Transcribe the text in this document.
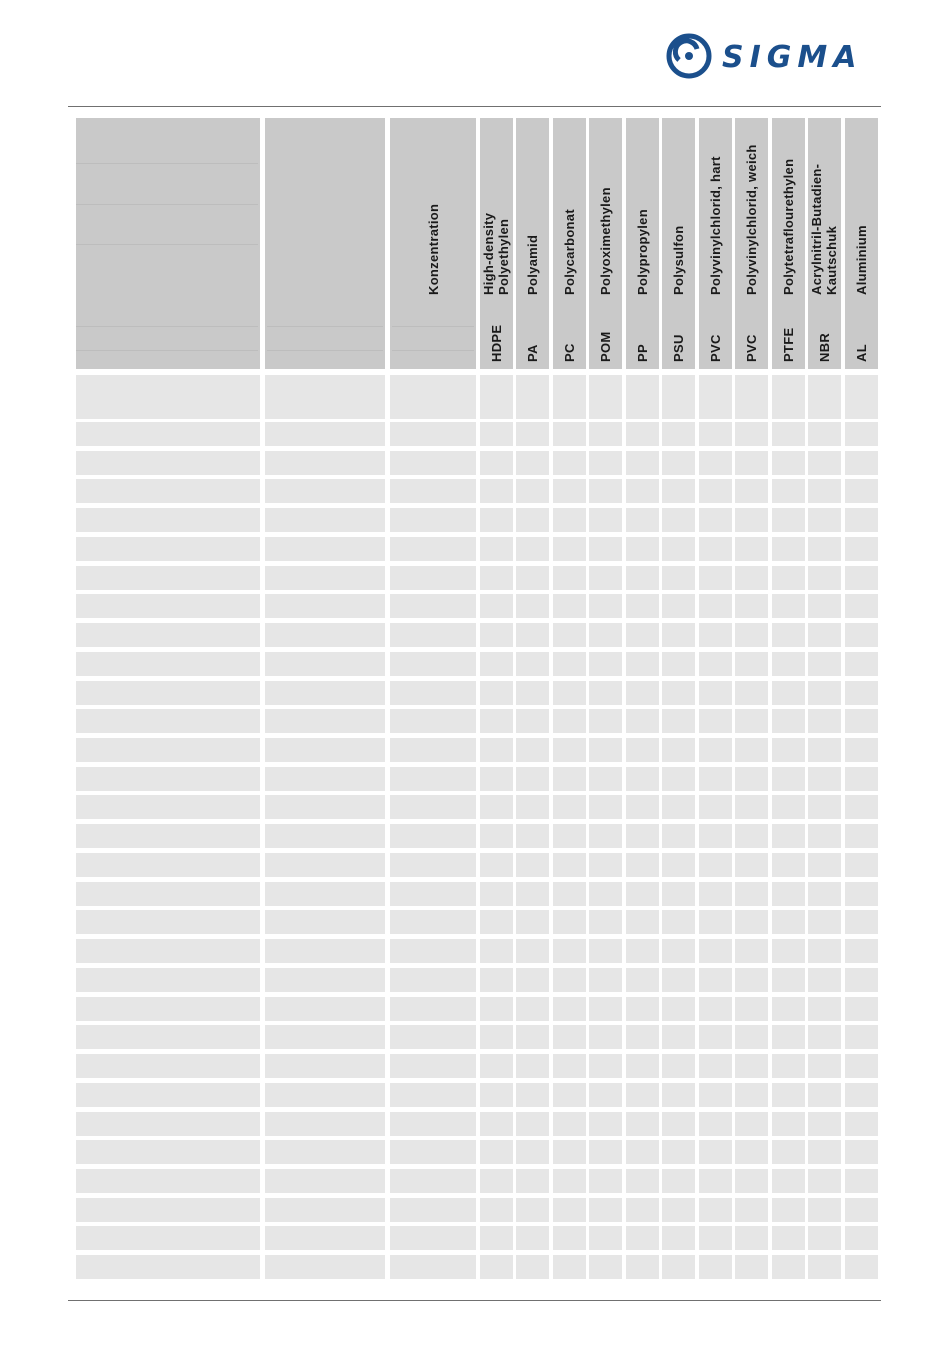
SIGMA
Konzentration
HDPE
High-density Polyethylen
PA
Polyamid
PC
Polycarbonat
POM
Polyoximethylen
PP
Polypropylen
PSU
Polysulfon
PVC
Polyvinylchlorid, hart
PVC
Polyvinylchlorid, weich
PTFE
Polytetraflourethylen
NBR
Acrylnitril-Butadien-Kautschuk
AL
Aluminium
